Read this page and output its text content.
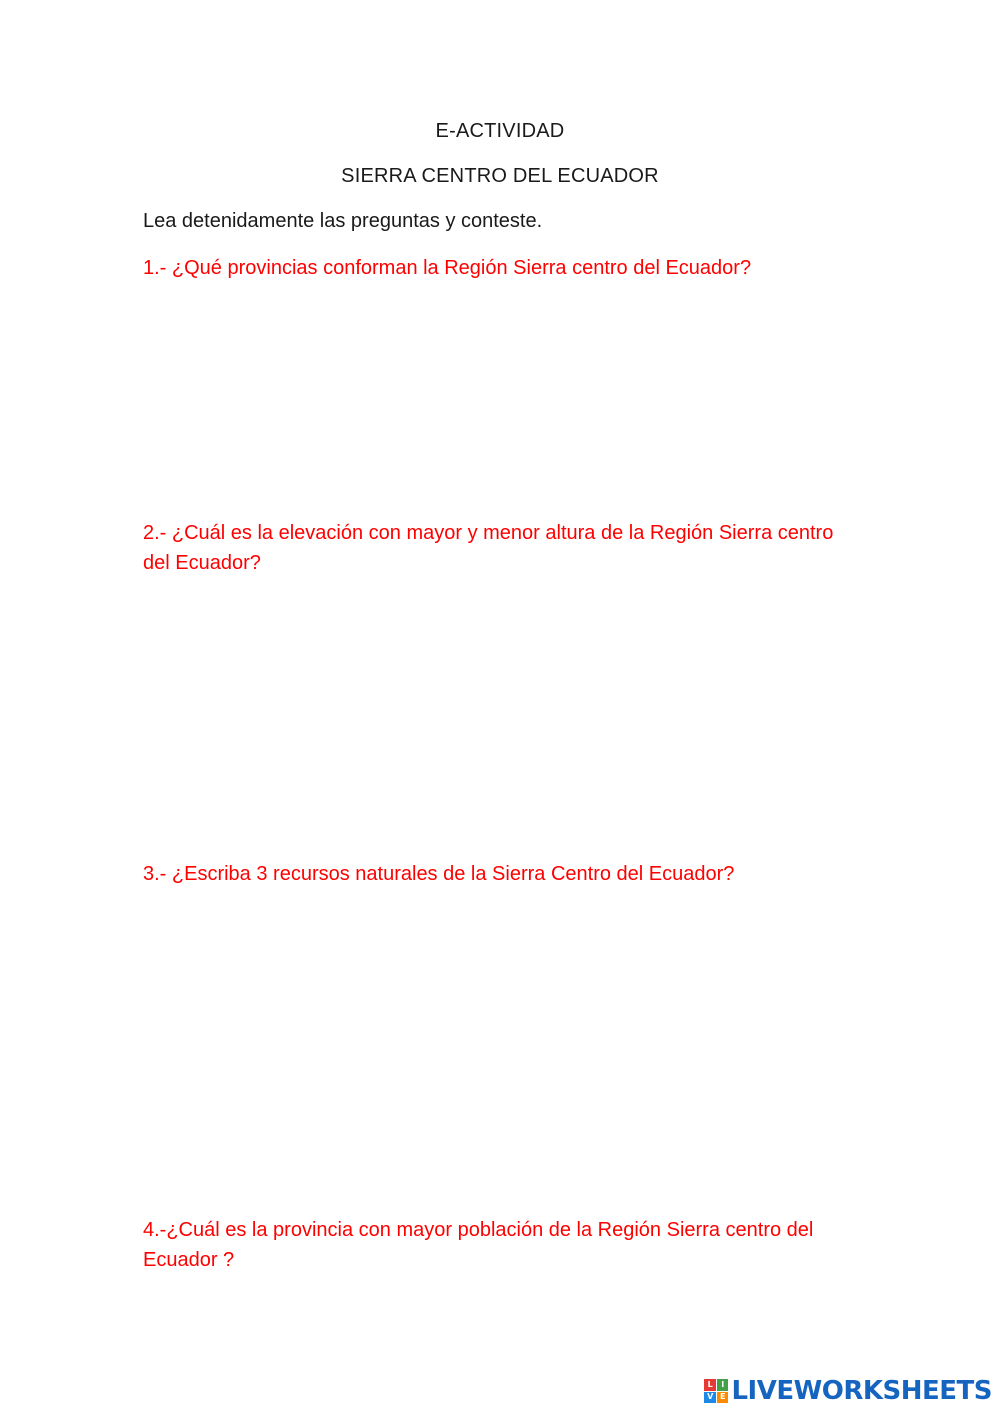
E-ACTIVIDAD
SIERRA CENTRO DEL ECUADOR
Lea detenidamente las preguntas y conteste.
1.- ¿Qué provincias conforman la Región Sierra centro del Ecuador?
2.- ¿Cuál es la elevación con mayor y menor altura de la Región Sierra centro del Ecuador?
3.- ¿Escriba 3 recursos naturales de la Sierra Centro del Ecuador?
4.-¿Cuál es la provincia con mayor población de la Región Sierra centro del Ecuador ?
L	I
V E LIVEWORKSHEETS
